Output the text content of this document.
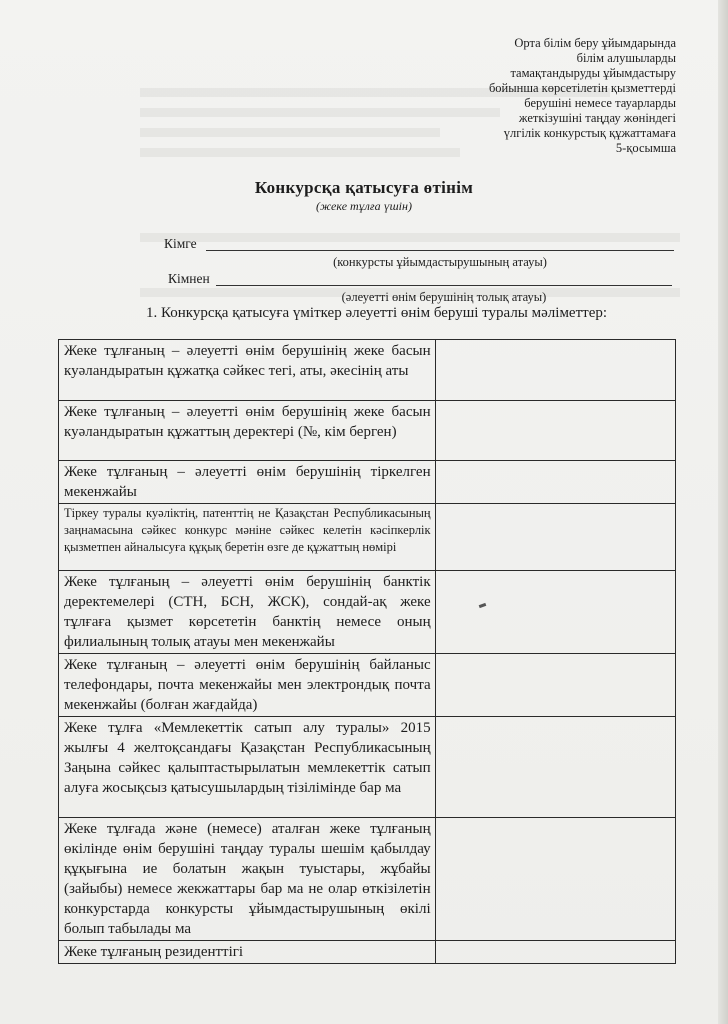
Орта білім беру ұйымдарында
білім алушыларды
тамақтандыруды ұйымдастыру
бойынша көрсетілетін қызметтерді
берушіні немесе тауарларды
жеткізушіні таңдау жөніндегі
үлгілік конкурстық құжаттамаға
5-қосымша
Конкурсқа қатысуға өтінім
(жеке тұлға үшін)
Кімге
(конкурсты ұйымдастырушының атауы)
Кімнен
(әлеуетті өнім берушінің толық атауы)
1. Конкурсқа қатысуға үміткер әлеуетті өнім беруші туралы мәліметтер:
Жеке тұлғаның – әлеуетті өнім берушінің жеке басын куәландыратын құжатқа сәйкес тегі, аты, әкесінің аты	
Жеке тұлғаның – әлеуетті өнім берушінің жеке басын куәландыратын құжаттың деректері (№, кім берген)	
Жеке тұлғаның – әлеуетті өнім берушінің тіркелген мекенжайы	
Тіркеу туралы куәліктің, патенттің не Қазақстан Республикасының заңнамасына сәйкес конкурс мәніне сәйкес келетін кәсіпкерлік қызметпен айналысуға құқық беретін өзге де құжаттың нөмірі	
Жеке тұлғаның – әлеуетті өнім берушінің банктік деректемелері (СТН, БСН, ЖСК), сондай-ақ жеке тұлғаға қызмет көрсететін банктің немесе оның филиалының толық атауы мен мекенжайы	
Жеке тұлғаның – әлеуетті өнім берушінің байланыс телефондары, почта мекенжайы мен электрондық почта мекенжайы (болған жағдайда)	
Жеке тұлға «Мемлекеттік сатып алу туралы» 2015 жылғы 4 желтоқсандағы Қазақстан Республикасының Заңына сәйкес қалыптастырылатын мемлекеттік сатып алуға жосықсыз қатысушылардың тізілімінде бар ма	
Жеке тұлғада және (немесе) аталған жеке тұлғаның өкілінде өнім берушіні таңдау туралы шешім қабылдау құқығына ие болатын жақын туыстары, жұбайы (зайыбы) немесе жекжаттары бар ма не олар өткізілетін конкурстарда конкурсты ұйымдастырушының өкілі болып табылады ма	
Жеке тұлғаның резиденттігі	
